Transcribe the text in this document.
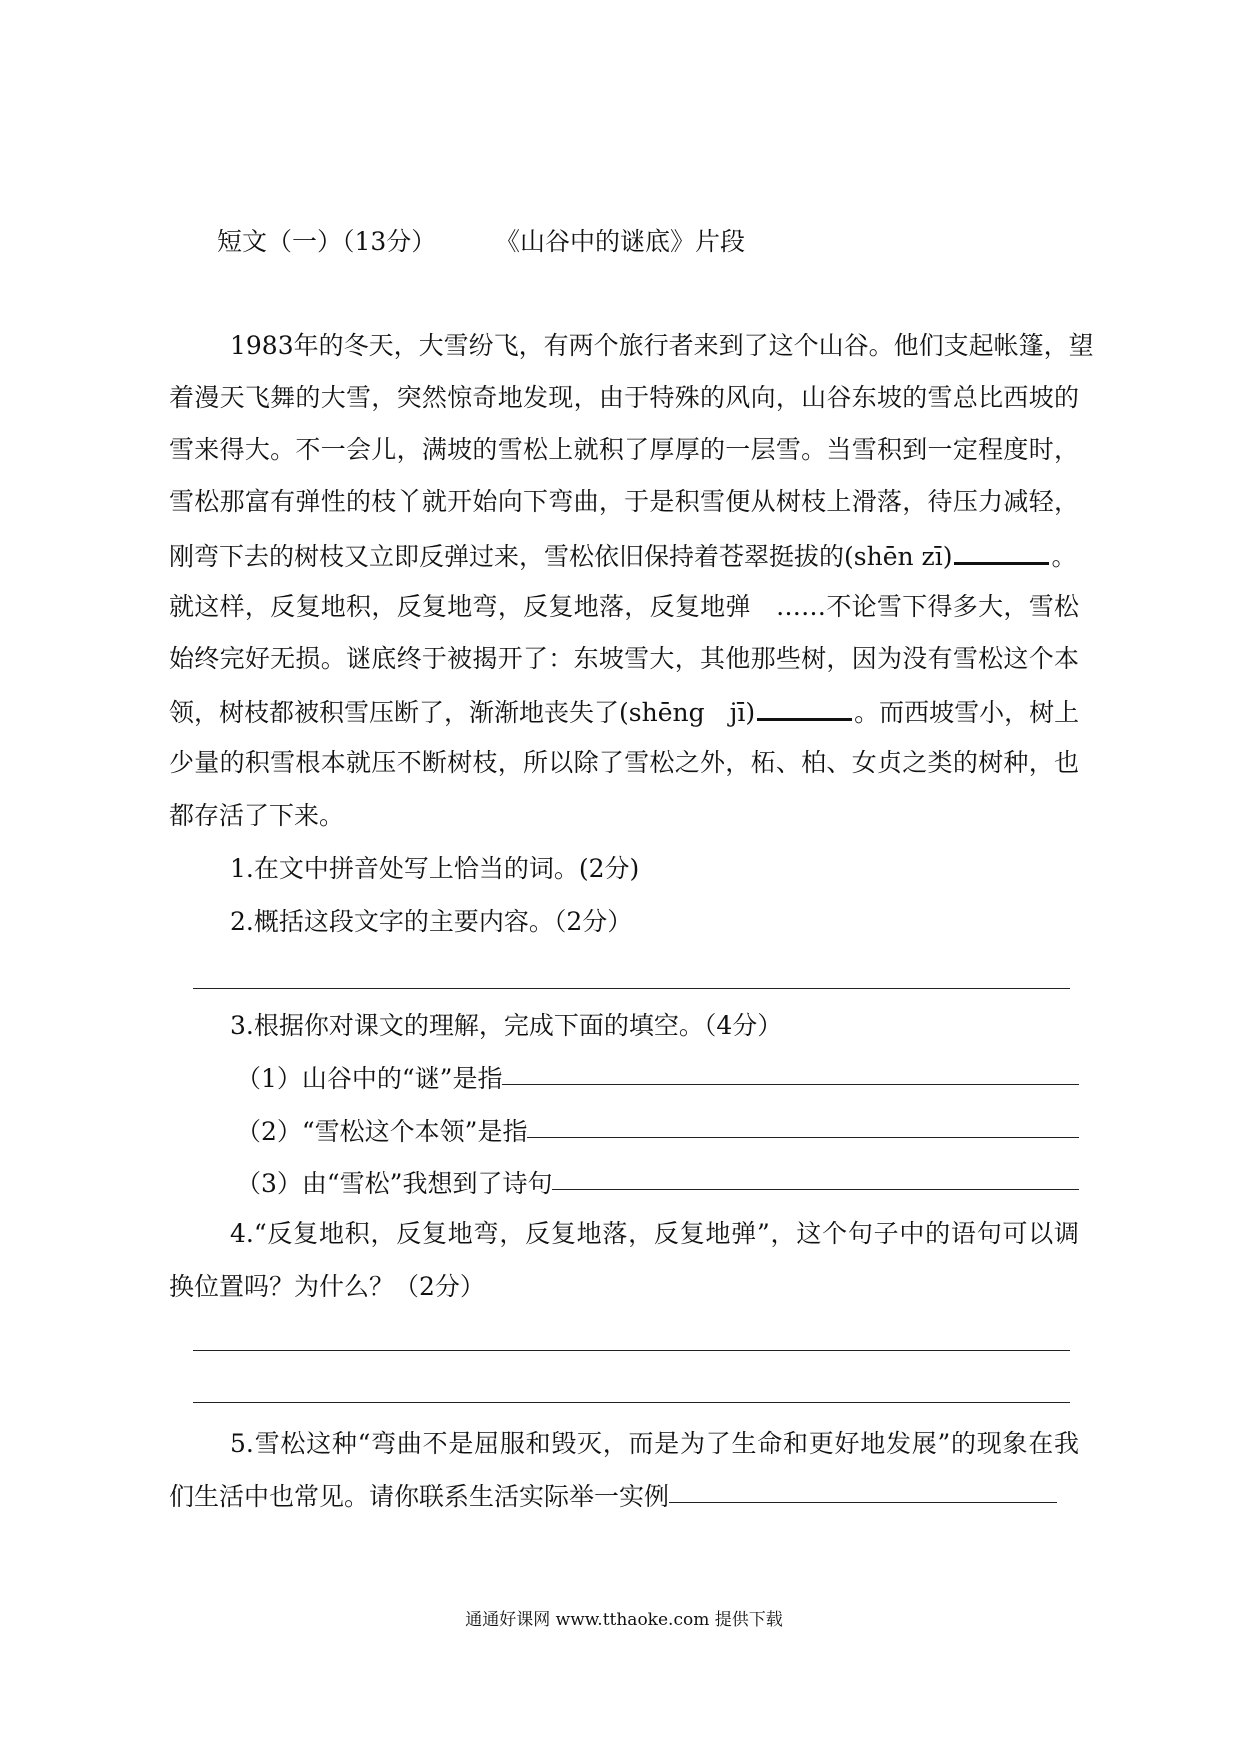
短文（一）（13分） 《山谷中的谜底》片段
1983年的冬天，大雪纷飞，有两个旅行者来到了这个山谷。他们支起帐篷，望
着漫天飞舞的大雪，突然惊奇地发现，由于特殊的风向，山谷东坡的雪总比西坡的
雪来得大。不一会儿，满坡的雪松上就积了厚厚的一层雪。当雪积到一定程度时，
雪松那富有弹性的枝丫就开始向下弯曲，于是积雪便从树枝上滑落，待压力减轻，
刚弯下去的树枝又立即反弹过来，雪松依旧保持着苍翠挺拔的(shēn zī)	。
就这样，反复地积，反复地弯，反复地落，反复地弹　……不论雪下得多大，雪松
始终完好无损。谜底终于被揭开了：东坡雪大，其他那些树，因为没有雪松这个本
领，树枝都被积雪压断了，渐渐地丧失了(shēng　jī)	。而西坡雪小，树上
少量的积雪根本就压不断树枝，所以除了雪松之外，柘、柏、女贞之类的树种，也
都存活了下来。
1.在文中拼音处写上恰当的词。(2分)
2.概括这段文字的主要内容。（2分）
3.根据你对课文的理解，完成下面的填空。（4分）
（1）山谷中的“谜”是指
（2）“雪松这个本领”是指
（3）由“雪松”我想到了诗句
4.“反复地积，反复地弯，反复地落，反复地弹”，这个句子中的语句可以调
换位置吗？为什么？（2分）
5.雪松这种“弯曲不是屈服和毁灭，而是为了生命和更好地发展”的现象在我
们生活中也常见。请你联系生活实际举一实例
通通好课网 www.tthaoke.com 提供下载
